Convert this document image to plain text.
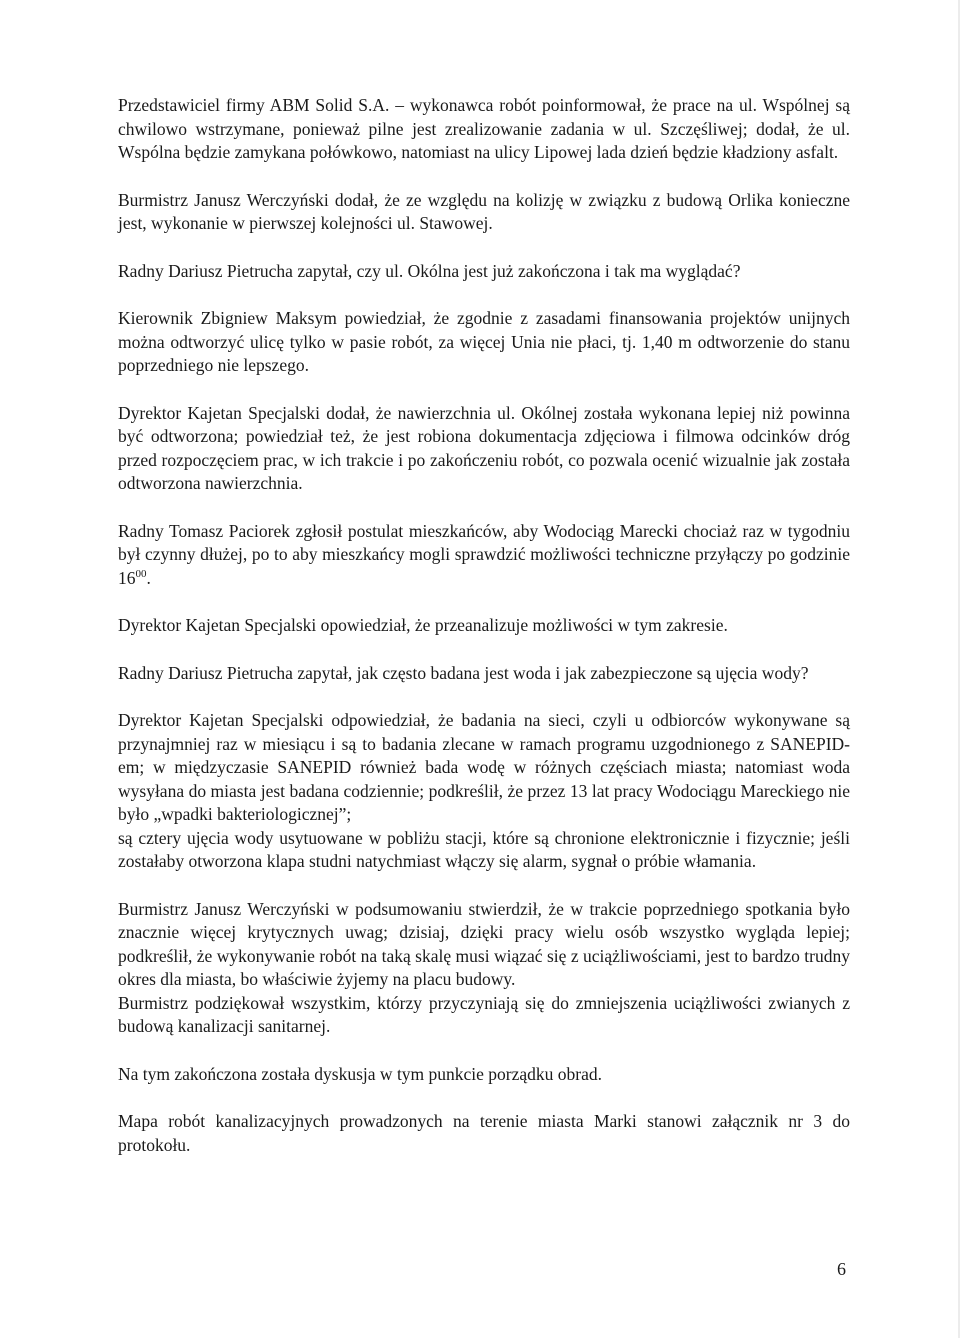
Przedstawiciel firmy ABM Solid S.A. – wykonawca robót poinformował, że prace na ul. Wspólnej są chwilowo wstrzymane, ponieważ pilne jest zrealizowanie zadania w ul. Szczęśliwej; dodał, że ul. Wspólna będzie zamykana połówkowo, natomiast na ulicy Lipowej lada dzień będzie kładziony asfalt.

Burmistrz Janusz Werczyński dodał, że ze względu na kolizję w związku z budową Orlika konieczne jest, wykonanie w pierwszej kolejności ul. Stawowej.

Radny Dariusz Pietrucha zapytał, czy ul. Okólna jest już zakończona i tak ma wyglądać?

Kierownik Zbigniew Maksym powiedział, że zgodnie z zasadami finansowania projektów unijnych można odtworzyć ulicę tylko w pasie robót, za więcej Unia nie płaci, tj. 1,40 m odtworzenie do stanu poprzedniego nie lepszego.

Dyrektor Kajetan Specjalski dodał, że nawierzchnia ul. Okólnej została wykonana lepiej niż powinna być odtworzona; powiedział też, że jest robiona dokumentacja zdjęciowa i filmowa odcinków dróg przed rozpoczęciem prac, w ich trakcie i po zakończeniu robót, co pozwala ocenić wizualnie jak została odtworzona nawierzchnia.

Radny Tomasz Paciorek zgłosił postulat mieszkańców, aby Wodociąg Marecki chociaż raz w tygodniu był czynny dłużej, po to aby mieszkańcy mogli sprawdzić możliwości techniczne przyłączy po godzinie $16^{00}$.

Dyrektor Kajetan Specjalski opowiedział, że przeanalizuje możliwości w tym zakresie.

Radny Dariusz Pietrucha zapytał, jak często badana jest woda i jak zabezpieczone są ujęcia wody?

Dyrektor Kajetan Specjalski odpowiedział, że badania na sieci, czyli u odbiorców wykonywane są przynajmniej raz w miesiącu i są to badania zlecane w ramach programu uzgodnionego z SANEPID-em; w międzyczasie SANEPID również bada wodę w różnych częściach miasta; natomiast woda wysyłana do miasta jest badana codziennie; podkreślił, że przez 13 lat pracy Wodociągu Mareckiego nie było „wpadki bakteriologicznej”;

są cztery ujęcia wody usytuowane w pobliżu stacji, które są chronione elektronicznie i fizycznie; jeśli zostałaby otworzona klapa studni natychmiast włączy się alarm, sygnał o próbie włamania.

Burmistrz Janusz Werczyński w podsumowaniu stwierdził, że w trakcie poprzedniego spotkania było znacznie więcej krytycznych uwag; dzisiaj, dzięki pracy wielu osób wszystko wygląda lepiej; podkreślił, że wykonywanie robót na taką skalę musi wiązać się z uciążliwościami, jest to bardzo trudny okres dla miasta, bo właściwie żyjemy na placu budowy.

Burmistrz podziękował wszystkim, którzy przyczyniają się do zmniejszenia uciążliwości zwianych z budową kanalizacji sanitarnej.

Na tym zakończona została dyskusja w tym punkcie porządku obrad.

Mapa robót kanalizacyjnych prowadzonych na terenie miasta Marki stanowi załącznik nr 3 do protokołu.

6
